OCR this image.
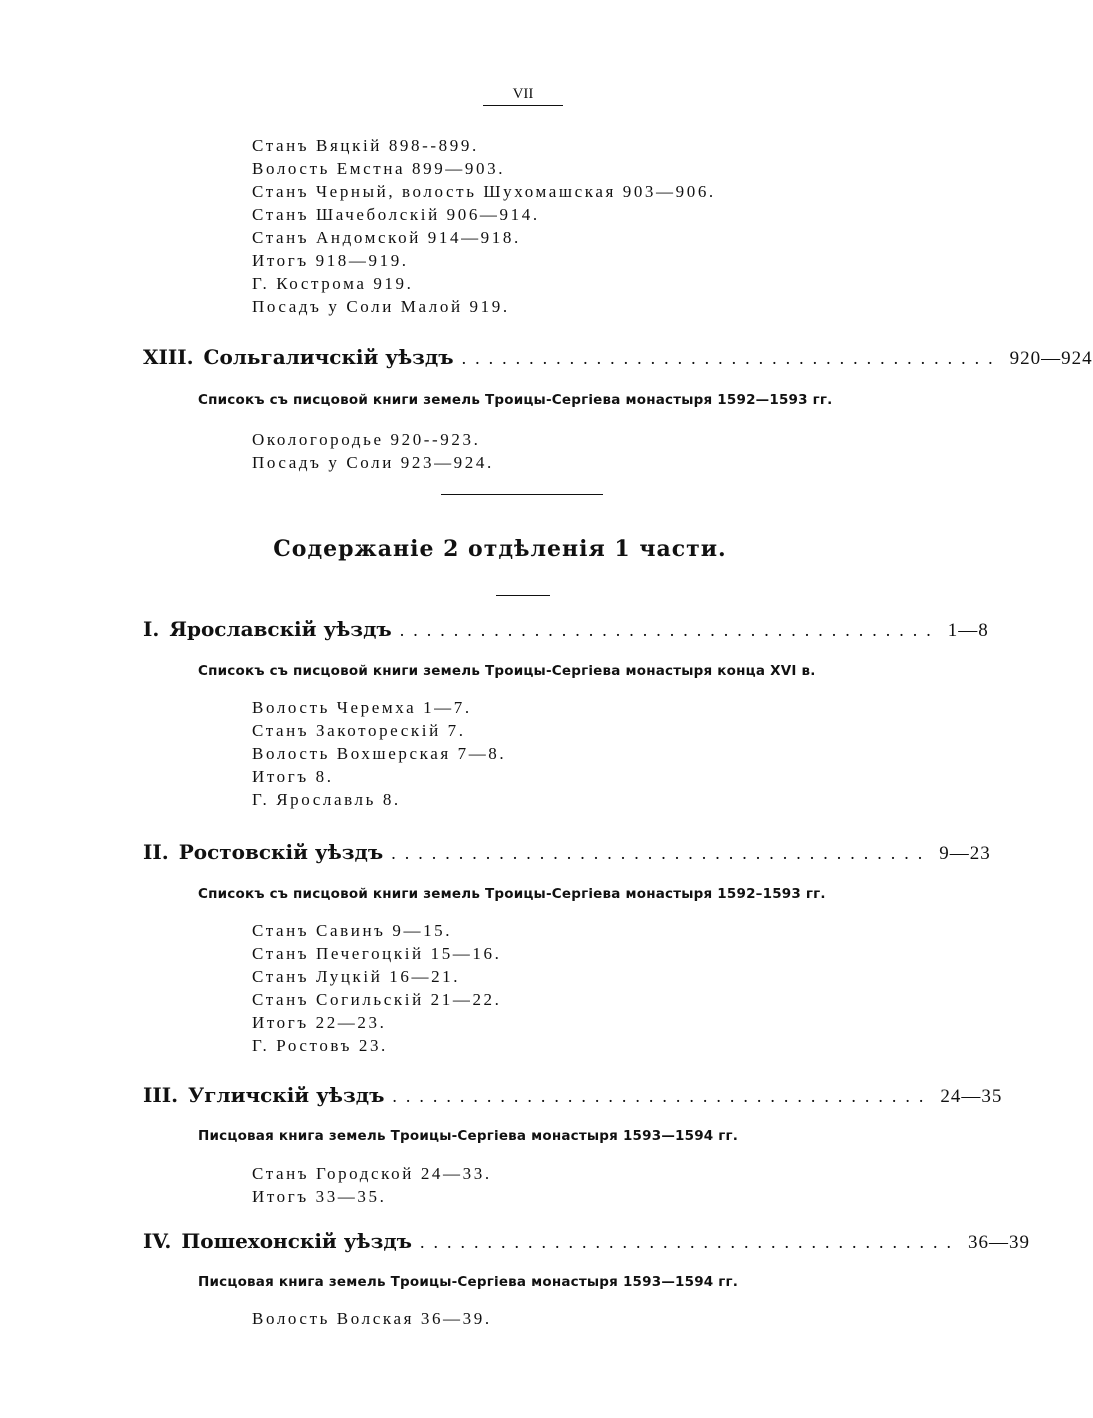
VII
Станъ Вяцкій 898--899.
Волость Емстна 899—903.
Станъ Черный, волость Шухомашская 903—906.
Станъ Шачеболскій 906—914.
Станъ Андомской 914—918.
Итогъ 918—919.
Г. Кострома 919.
Посадъ у Соли Малой 919.
XIII. Сольгаличскій уѣздъ ........................................ 920—924
Списокъ съ писцовой книги земель Троицы-Сергіева монастыря 1592—1593 гг.
Окологородье 920--923.
Посадъ у Соли 923—924.
Содержаніе 2 отдѣленія 1 части.
I. Ярославскій уѣздъ ........................................ 1—8
Списокъ съ писцовой книги земель Троицы-Сергіева монастыря конца XVI в.
Волость Черемха 1—7.
Станъ Закоторескій 7.
Волость Вохшерская 7—8.
Итогъ 8.
Г. Ярославль 8.
II. Ростовскій уѣздъ ........................................ 9—23
Списокъ съ писцовой книги земель Троицы-Сергіева монастыря 1592–1593 гг.
Станъ Савинъ 9—15.
Станъ Печегоцкій 15—16.
Станъ Луцкій 16—21.
Станъ Согильскій 21—22.
Итогъ 22—23.
Г. Ростовъ 23.
III. Угличскій уѣздъ ........................................ 24—35
Писцовая книга земель Троицы-Сергіева монастыря 1593—1594 гг.
Станъ Городской 24—33.
Итогъ 33—35.
IV. Пошехонскій уѣздъ ........................................ 36—39
Писцовая книга земель Троицы-Сергіева монастыря 1593—1594 гг.
Волость Волская 36—39.
